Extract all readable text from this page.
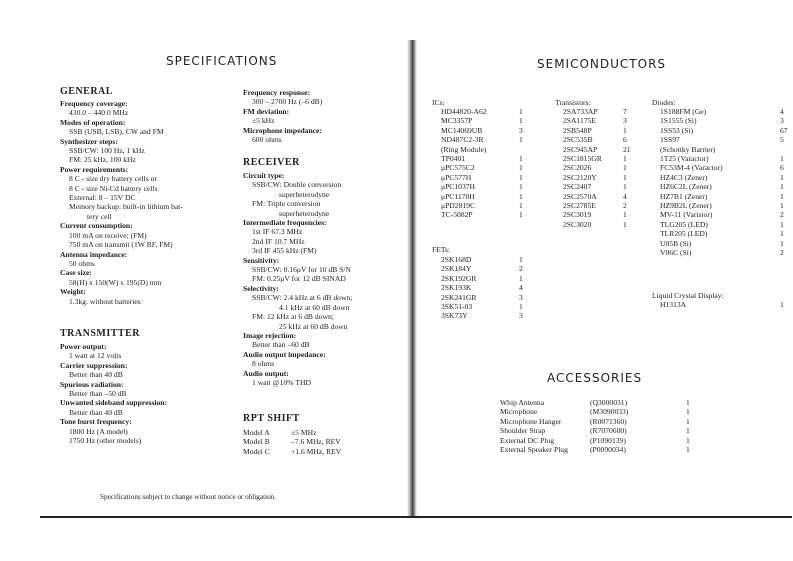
SPECIFICATIONS
GENERAL
Frequency coverage:
430.0 – 440.0 MHz
Modes of operation:
SSB (USB, LSB), CW and FM
Synthesizer steps:
SSB/CW: 100 Hz, 1 kHz
FM: 25 kHz, 100 kHz
Power requirements:
8 C - size dry battery cells or
8 C - size Ni-Cd battery cells
External: 8 – 15V DC
Memory backup: built-in lithium bat-
tery cell
Current consumption:
100 mA on receive; (FM)
750 mA on transmit (1W RF, FM)
Antenna impedance:
50 ohms
Case size:
58(H) x 150(W) x 195(D) mm
Weight:
1.3kg. without batteries
TRANSMITTER
Power output:
1 watt at 12 volts
Carrier suppression:
Better than 40 dB
Spurious radiation:
Better than –50 dB
Unwanted sideband suppression:
Better than 40 dB
Tone burst frequency:
1800 Hz (A model)
1750 Hz (other models)
Frequency response:
300 – 2700 Hz (–6 dB)
FM deviation:
±5 kHz
Microphone impedance:
600 ohms
RECEIVER
Circuit type:
SSB/CW: Double conversion
superheterodyne
FM: Triple conversion
superheterodyne
Intermediate frequencies:
1st IF 67.3 MHz
2nd IF 10.7 MHz
3rd IF 455 kHz (FM)
Sensitivity:
SSB/CW: 0.16μV for 10 dB S/N
FM: 0.25μV for 12 dB SINAD
Selectivity:
SSB/CW: 2.4 kHz at 6 dB down;
4.1 kHz at 60 dB down
FM: 12 kHz at 6 dB down;
25 kHz at 60 dB down
Image rejection:
Better than –60 dB
Audio output impedance:
8 ohms
Audio output:
1 watt @10% THD
RPT SHIFT
Model A	±5 MHz
Model B	–7.6 MHz, REV
Model C	+1.6 MHz, REV
Specifications subject to change without notice or obligation.
SEMICONDUCTORS
ICs:
HD44820-A62	1
MC3357P	1
MC14069UB	3
ND487C2-3R	1
(Ring Module)
TP0401	1
μPC575C2	1
μPC577H	1
μPC1037H	1
μPC1170H	1
μPD2819C	1
TC-5082P	1
FETs:
2SK168D	1
2SK184Y	2
2SK192GR	1
2SK193K	4
2SK241GR	3
3SK51-03	1
3SK73Y	3
Transistors:
2SA733AP	7
2SA1175E	3
2SB548P	1
2SC535B	6
2SC945AP	21
2SC1815GR	1
2SC2026	1
2SC2120Y	1
2SC2407	1
2SC2570A	4
2SC2785E	2
2SC3019	1
2SC3020	1
Diodes:
1S188FM (Ge)	4
1S1555 (Si)	3
1SS53 (Si)	67
1SS97	5
(Schottky Barrier)
1T25 (Varactor)	1
FC53M-4 (Varactor)	6
HZ4C3 (Zener)	1
HZ6C2L (Zener)	1
HZ7B1 (Zener)	1
HZ9B2L (Zener)	1
MV-11 (Varistor)	2
TLG205 (LED)	1
TLR205 (LED)	1
U05B (Si)	1
V06C (Si)	2
Liquid Crystal Display:
H1313A	1
ACCESSORIES
Whip Antenna	(Q3000031)	1
Microphone	(M3090033)	1
Microphone Hanger	(R0071360)	1
Shoulder Strap	(R7070600)	1
External DC Plug	(P1090139)	1
External Speaker Plug	(P0090034)	1
